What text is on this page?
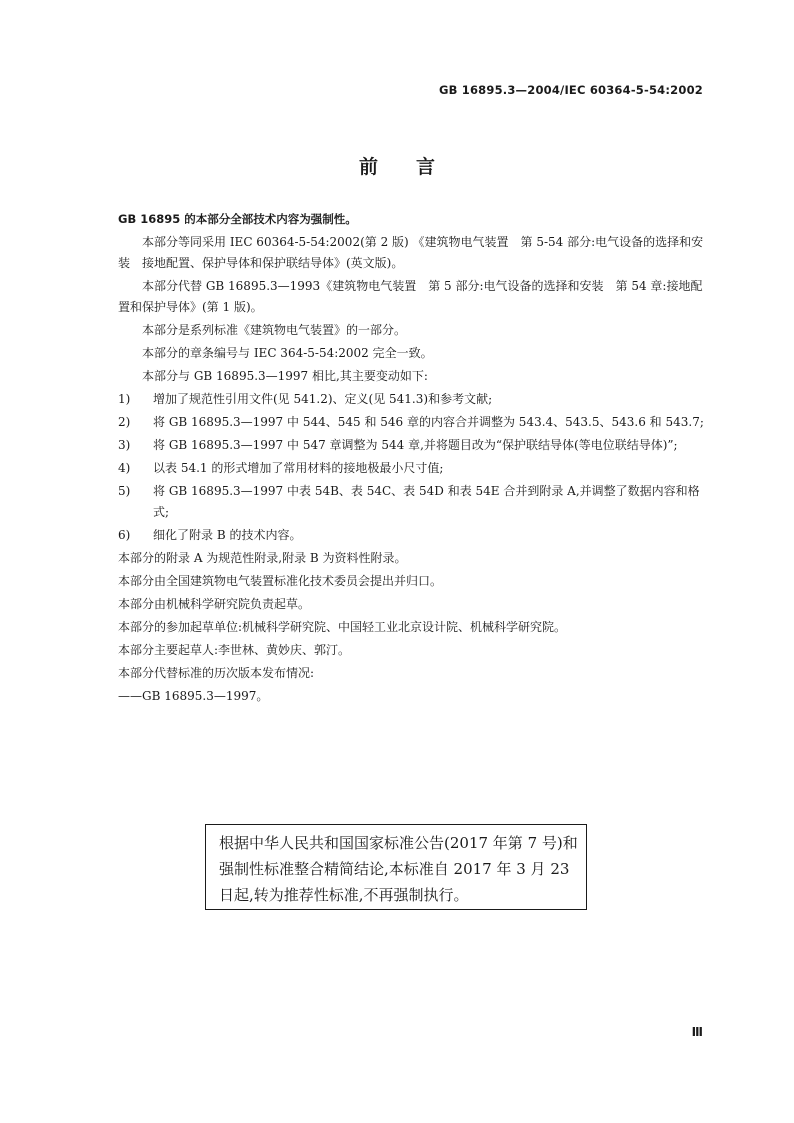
GB 16895.3—2004/IEC 60364-5-54:2002
前 言
GB 16895 的本部分全部技术内容为强制性。
本部分等同采用 IEC 60364-5-54:2002(第 2 版) 《建筑物电气装置　第 5-54 部分:电气设备的选择和安装　接地配置、保护导体和保护联结导体》(英文版)。
本部分代替 GB 16895.3—1993《建筑物电气装置　第 5 部分:电气设备的选择和安装　第 54 章:接地配置和保护导体》(第 1 版)。
本部分是系列标准《建筑物电气装置》的一部分。
本部分的章条编号与 IEC 364-5-54:2002 完全一致。
本部分与 GB 16895.3—1997 相比,其主要变动如下:
1)	增加了规范性引用文件(见 541.2)、定义(见 541.3)和参考文献;
2)	将 GB 16895.3—1997 中 544、545 和 546 章的内容合并调整为 543.4、543.5、543.6 和 543.7;
3)	将 GB 16895.3—1997 中 547 章调整为 544 章,并将题目改为“保护联结导体(等电位联结导体)”;
4)	以表 54.1 的形式增加了常用材料的接地极最小尺寸值;
5)	将 GB 16895.3—1997 中表 54B、表 54C、表 54D 和表 54E 合并到附录 A,并调整了数据内容和格式;
6)	细化了附录 B 的技术内容。
本部分的附录 A 为规范性附录,附录 B 为资料性附录。
本部分由全国建筑物电气装置标准化技术委员会提出并归口。
本部分由机械科学研究院负责起草。
本部分的参加起草单位:机械科学研究院、中国轻工业北京设计院、机械科学研究院。
本部分主要起草人:李世林、黄妙庆、郭汀。
本部分代替标准的历次版本发布情况:
——GB 16895.3—1997。
根据中华人民共和国国家标准公告(2017 年第 7 号)和强制性标准整合精简结论,本标准自 2017 年 3 月 23 日起,转为推荐性标准,不再强制执行。
Ⅲ
